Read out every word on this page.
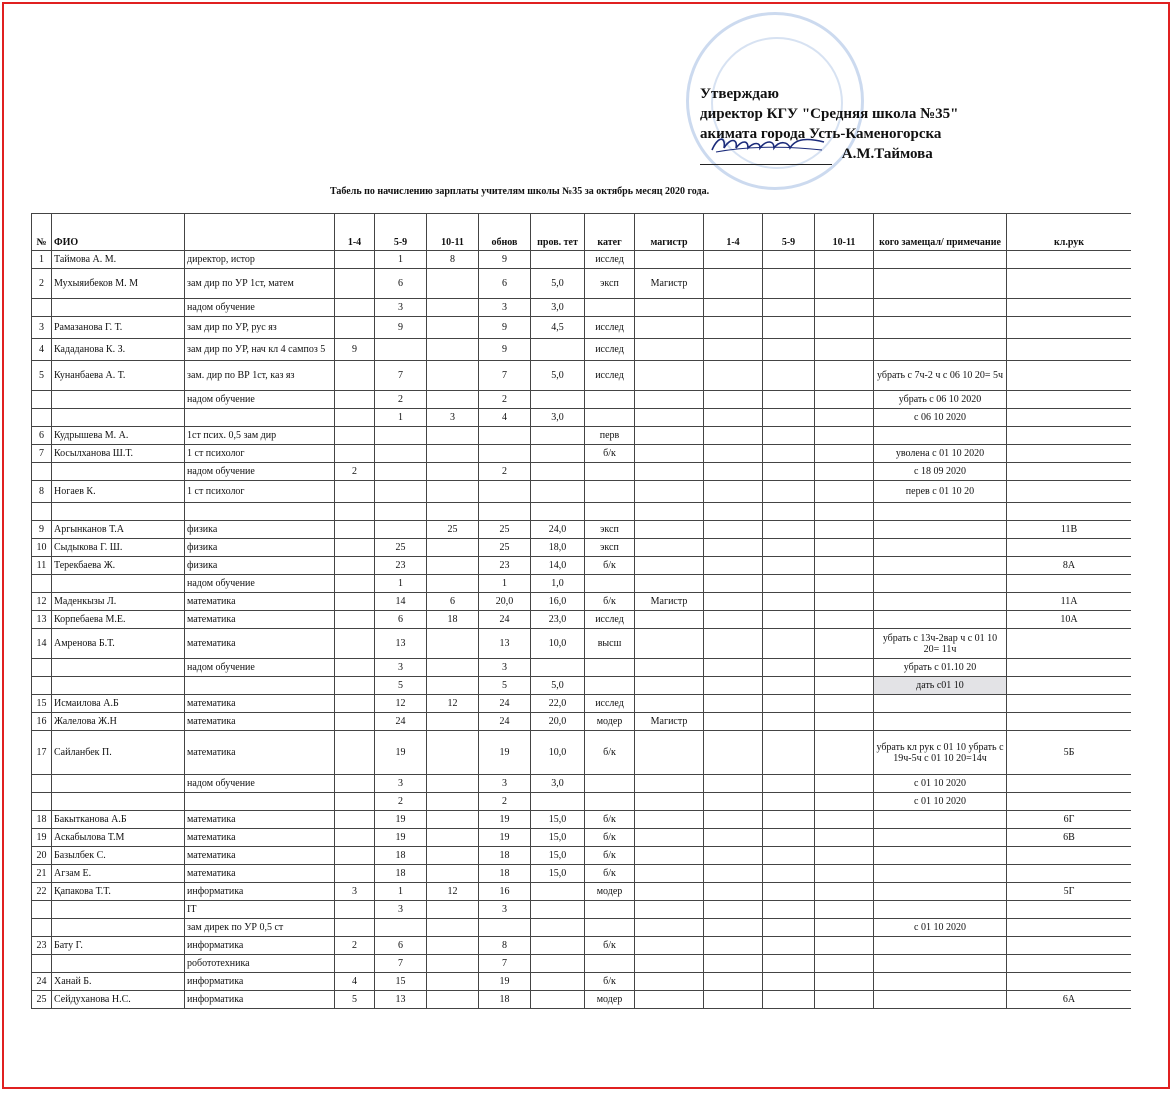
Утверждаю
директор КГУ "Средняя школа №35"
акимата города Усть-Каменогорска

А.М.Таймова
Табель по начислению зарплаты учителям школы №35 за октябрь месяц 2020 года.
№	ФИО		1-4	5-9	10-11	обнов	пров. тет	катег	магистр	1-4	5-9	10-11	кого замещал/ примечание	кл.рук
1	Таймова А. М.	директор, истор		1	8	9		исслед						
2	Мухыяибеков М. М	зам дир по УР 1ст, матем		6		6	5,0	эксп	Магистр					
		надом обучение		3		3	3,0							
3	Рамазанова Г. Т.	зам дир по УР, рус яз		9		9	4,5	исслед						
4	Кададанова К. З.	зам дир по УР, нач кл 4 сампоз 5	9			9		исслед						
5	Кунанбаева А. Т.	зам. дир по ВР 1ст, каз яз		7		7	5,0	исслед					убрать с 7ч-2 ч с 06 10 20= 5ч	
		надом обучение		2		2							убрать с 06 10 2020	
				1	3	4	3,0						с 06 10 2020	
6	Кудрышева М. А.	1ст псих. 0,5 зам дир						перв						
7	Косылханова Ш.Т.	1 ст психолог						б/к					уволена с 01 10 2020	
		надом обучение	2			2							с 18 09 2020	
8	Ногаев К.	1 ст психолог											перев с 01 10 20	

9	Аргынканов Т.А	физика			25	25	24,0	эксп						11В
10	Сыдыкова Г. Ш.	физика		25		25	18,0	эксп						
11	Терекбаева Ж.	физика		23		23	14,0	б/к						8А
		надом обучение		1		1	1,0							
12	Маденкызы Л.	математика		14	6	20,0	16,0	б/к	Магистр					11А
13	Корпебаева М.Е.	математика		6	18	24	23,0	исслед						10А
14	Амренова Б.Т.	математика		13		13	10,0	высш					убрать с 13ч-2вар ч с 01 10 20= 11ч	
		надом обучение		3		3							убрать с 01.10 20	
				5		5	5,0						дать с01 10	
15	Исмаилова А.Б	математика		12	12	24	22,0	исслед						
16	Жалелова Ж.Н	математика		24		24	20,0	модер	Магистр					
17	Сайланбек П.	математика		19		19	10,0	б/к					убрать кл рук с 01 10 убрать с 19ч-5ч с 01 10 20=14ч	5Б
		надом обучение		3		3	3,0						с 01 10 2020	
				2		2							с 01 10 2020	
18	Бакытканова А.Б	математика		19		19	15,0	б/к						6Г
19	Аскабылова Т.М	математика		19		19	15,0	б/к						6В
20	Базылбек С.	математика		18		18	15,0	б/к						
21	Агзам Е.	математика		18		18	15,0	б/к						
22	Қапакова Т.Т.	информатика	3	1	12	16		модер						5Г
		IT		3		3								
		зам дирек по УР 0,5 ст											с 01 10 2020	
23	Бату Г.	информатика	2	6		8		б/к						
		робототехника		7		7								
24	Ханай Б.	информатика	4	15		19		б/к						
25	Сейдуханова Н.С.	информатика	5	13		18		модер						6А
